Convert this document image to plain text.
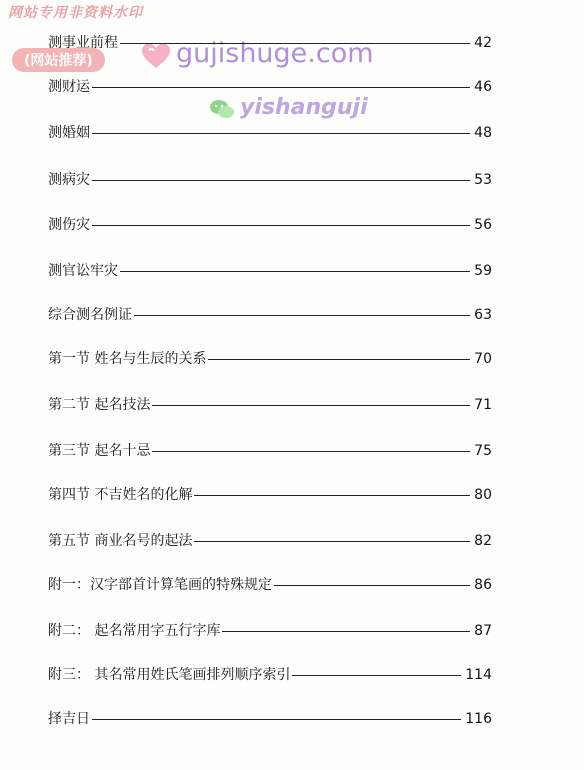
网站专用非资料水印
(网站推荐)	gujishuge.com
yishanguji
测事业前程	42
测财运	46
测婚姻	48
测病灾	53
测伤灾	56
测官讼牢灾	59
综合测名例证	63
第一节 姓名与生辰的关系	70
第二节 起名技法	71
第三节 起名十忌	75
第四节 不吉姓名的化解	80
第五节 商业名号的起法	82
附一：汉字部首计算笔画的特殊规定	86
附二： 起名常用字五行字库	87
附三： 其名常用姓氏笔画排列顺序索引	114
择吉日	116
